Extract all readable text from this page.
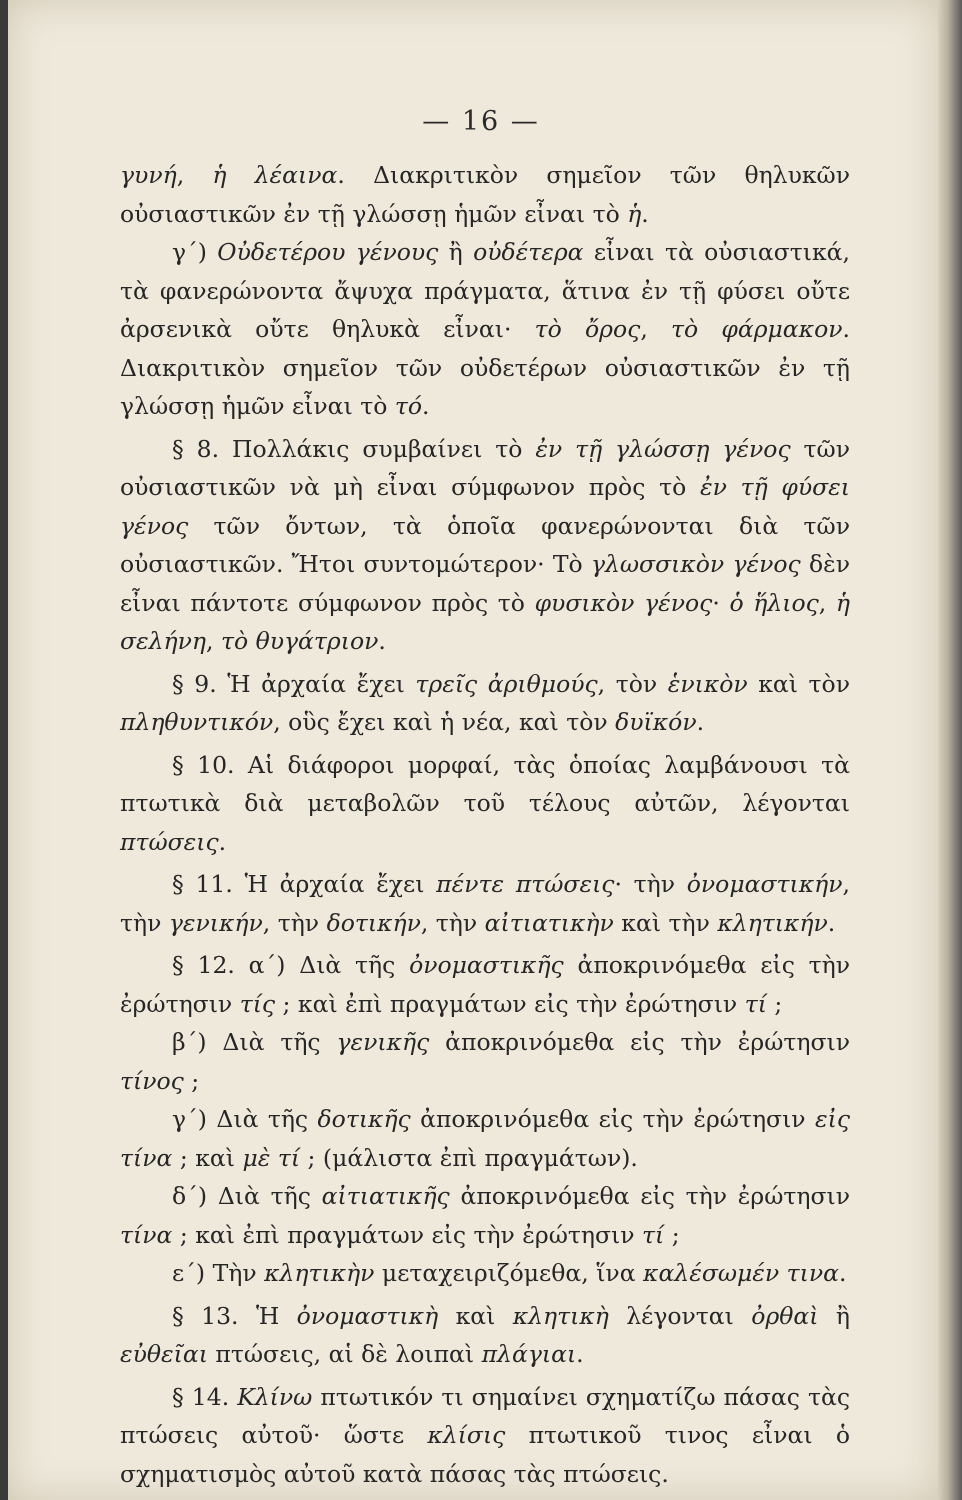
— 16 —

γυνή, ἡ λέαινα. Διακριτικὸν σημεῖον τῶν θηλυκῶν οὐσιαστικῶν ἐν τῇ γλώσσῃ ἡμῶν εἶναι τὸ ἡ.

γ΄) Οὐδετέρου γένους ἢ οὐδέτερα εἶναι τὰ οὐσιαστικά, τὰ φανερώνοντα ἄψυχα πράγματα, ἅτινα ἐν τῇ φύσει οὔτε ἀρσενικὰ οὔτε θηλυκὰ εἶναι· τὸ ὄρος, τὸ φάρμακον. Διακριτικὸν σημεῖον τῶν οὐδετέρων οὐσιαστικῶν ἐν τῇ γλώσσῃ ἡμῶν εἶναι τὸ τό.

§ 8. Πολλάκις συμβαίνει τὸ ἐν τῇ γλώσσῃ γένος τῶν οὐσιαστικῶν νὰ μὴ εἶναι σύμφωνον πρὸς τὸ ἐν τῇ φύσει γένος τῶν ὄντων, τὰ ὁποῖα φανερώνονται διὰ τῶν οὐσιαστικῶν. Ἤτοι συντομώτερον· Τὸ γλωσσικὸν γένος δὲν εἶναι πάντοτε σύμφωνον πρὸς τὸ φυσικὸν γένος· ὁ ἥλιος, ἡ σελήνη, τὸ θυγάτριον.

§ 9. Ἡ ἀρχαία ἔχει τρεῖς ἀριθμούς, τὸν ἑνικὸν καὶ τὸν πληθυντικόν, οὓς ἔχει καὶ ἡ νέα, καὶ τὸν δυϊκόν.

§ 10. Αἱ διάφοροι μορφαί, τὰς ὁποίας λαμβάνουσι τὰ πτωτικὰ διὰ μεταβολῶν τοῦ τέλους αὐτῶν, λέγονται πτώσεις.

§ 11. Ἡ ἀρχαία ἔχει πέντε πτώσεις· τὴν ὀνομαστικήν, τὴν γενικήν, τὴν δοτικήν, τὴν αἰτιατικὴν καὶ τὴν κλητικήν.

§ 12. α΄) Διὰ τῆς ὀνομαστικῆς ἀποκρινόμεθα εἰς τὴν ἐρώτησιν τίς ; καὶ ἐπὶ πραγμάτων εἰς τὴν ἐρώτησιν τί ;

β΄) Διὰ τῆς γενικῆς ἀποκρινόμεθα εἰς τὴν ἐρώτησιν τίνος ;

γ΄) Διὰ τῆς δοτικῆς ἀποκρινόμεθα εἰς τὴν ἐρώτησιν εἰς τίνα ; καὶ μὲ τί ; (μάλιστα ἐπὶ πραγμάτων).

δ΄) Διὰ τῆς αἰτιατικῆς ἀποκρινόμεθα εἰς τὴν ἐρώτησιν τίνα ; καὶ ἐπὶ πραγμάτων εἰς τὴν ἐρώτησιν τί ;

ε΄) Τὴν κλητικὴν μεταχειριζόμεθα, ἵνα καλέσωμέν τινα.

§ 13. Ἡ ὀνομαστικὴ καὶ κλητικὴ λέγονται ὀρθαὶ ἢ εὐθεῖαι πτώσεις, αἱ δὲ λοιπαὶ πλάγιαι.

§ 14. Κλίνω πτωτικόν τι σημαίνει σχηματίζω πάσας τὰς πτώσεις αὐτοῦ· ὥστε κλίσις πτωτικοῦ τινος εἶναι ὁ σχηματισμὸς αὐτοῦ κατὰ πάσας τὰς πτώσεις.
